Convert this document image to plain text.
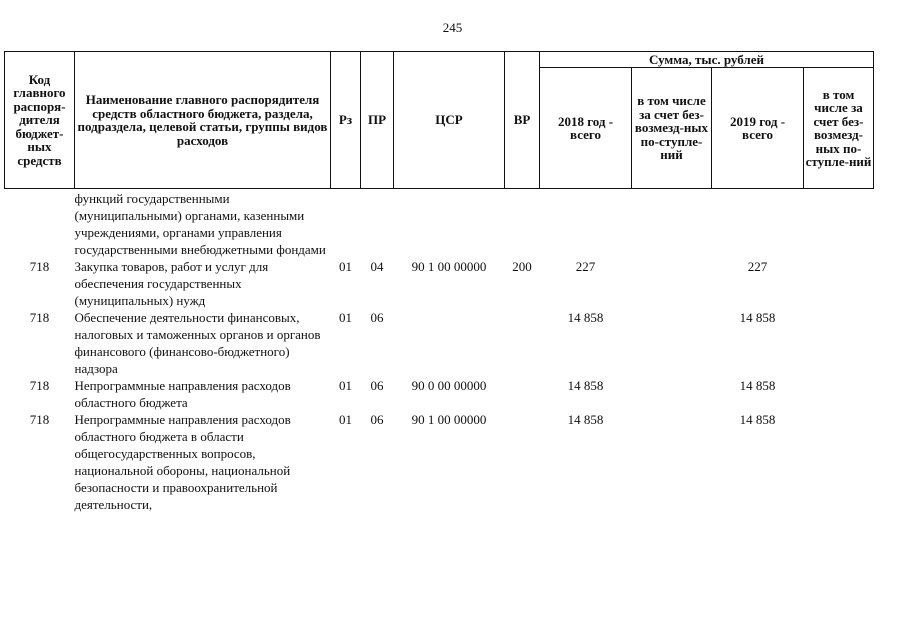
245
Код главного распоря-дителя бюджет-ных средств	Наименование главного распорядителя средств областного бюджета, раздела, подраздела, целевой статьи, группы видов расходов	Рз	ПР	ЦСР	ВР	Сумма, тыс. рублей			
						2018 год - всего	в том числе за счет без-возмезд-ных по-ступле-ний	2019 год - всего	в том числе за счет без-возмезд-ных по-ступле-ний
	функций государственными (муниципальными) органами, казенными учреждениями, органами управления государственными внебюджетными фондами								
718	Закупка товаров, работ и услуг для обеспечения государственных (муниципальных) нужд	01	04	90 1 00 00000	200	227		227	
718	Обеспечение деятельности финансовых, налоговых и таможенных органов и органов финансового (финансово-бюджетного) надзора	01	06			14 858		14 858	
718	Непрограммные направления расходов областного бюджета	01	06	90 0 00 00000		14 858		14 858	
718	Непрограммные направления расходов областного бюджета в области общегосударственных вопросов, национальной обороны, национальной безопасности и правоохранительной деятельности,	01	06	90 1 00 00000		14 858		14 858	
